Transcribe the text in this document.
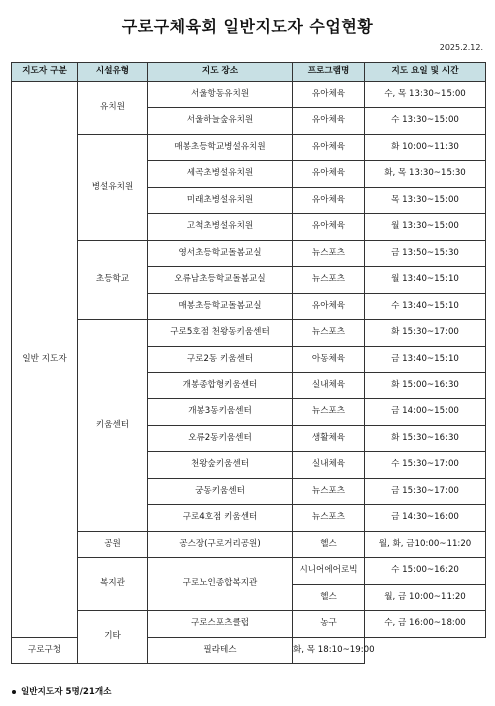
구로구체육회 일반지도자 수업현황
2025.2.12.
지도자 구분	시설유형	지도 장소	프로그램명	지도 요일 및 시간
일반 지도자	유치원	서울항동유치원	유아체육	수, 목 13:30~15:00
		서울하늘숲유치원	유아체육	수 13:30~15:00
	병설유치원	매봉초등학교병설유치원	유아체육	화 10:00~11:30
		세곡초병설유치원	유아체육	화, 목 13:30~15:30
		미래초병설유치원	유아체육	목 13:30~15:00
		고척초병설유치원	유아체육	월 13:30~15:00
	초등학교	영서초등학교돌봄교실	뉴스포츠	금 13:50~15:30
		오류남초등학교돌봄교실	뉴스포츠	월 13:40~15:10
		매봉초등학교돌봄교실	유아체육	수 13:40~15:10
	키움센터	구로5호점 천왕동키움센터	뉴스포츠	화 15:30~17:00
		구로2동 키움센터	아동체육	금 13:40~15:10
		개봉종합형키움센터	실내체육	화 15:00~16:30
		개봉3동키움센터	뉴스포츠	금 14:00~15:00
		오류2동키움센터	생활체육	화 15:30~16:30
		천왕숲키움센터	실내체육	수 15:30~17:00
		궁동키움센터	뉴스포츠	금 15:30~17:00
		구로4호점 키움센터	뉴스포츠	금 14:30~16:00
	공원	공스장(구로거리공원)	헬스	월, 화, 금10:00~11:20
	복지관	구로노인종합복지관	시니어에어로빅	수 15:00~16:20
			헬스	월, 금 10:00~11:20
	기타	구로스포츠클럽	농구	수, 금 16:00~18:00
구로구청		필라테스	화, 목 18:10~19:00	
일반지도자 5명/21개소
